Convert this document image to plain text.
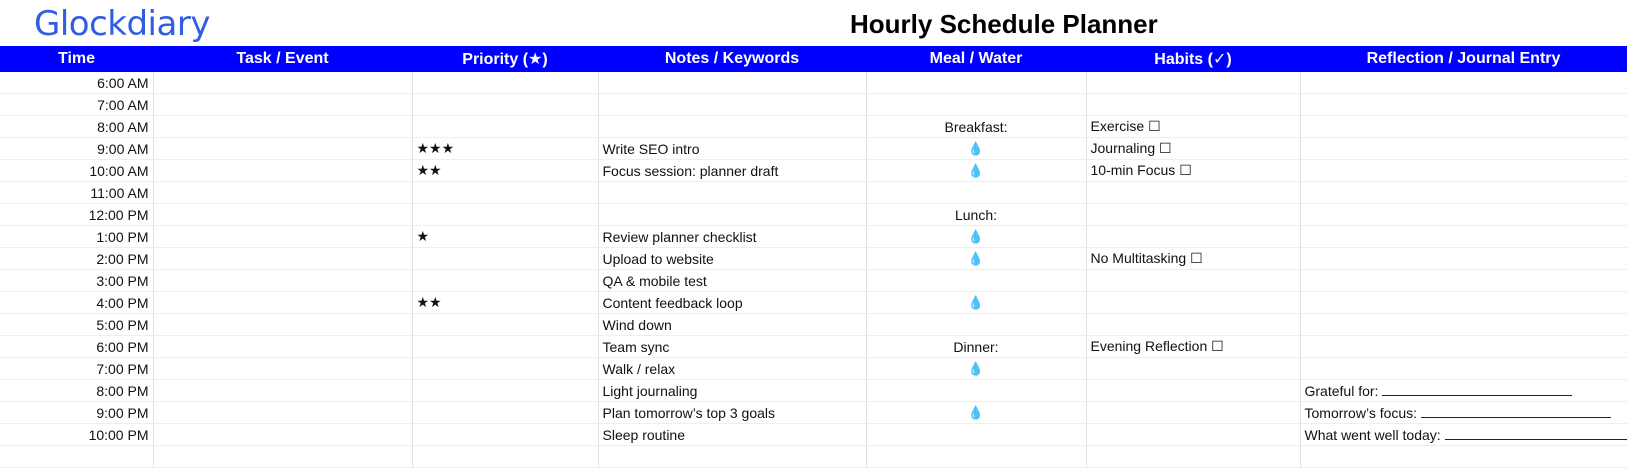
Glockdiary	Hourly Schedule Planner
Time	Task / Event	Priority (★)	Notes / Keywords	Meal / Water	Habits (✓)	Reflection / Journal Entry
6:00 AM						
7:00 AM						
8:00 AM				Breakfast:	Exercise ☐	
9:00 AM		★★★	Write SEO intro	💧	Journaling ☐	
10:00 AM		★★	Focus session: planner draft	💧	10-min Focus ☐	
11:00 AM						
12:00 PM				Lunch:		
1:00 PM		★	Review planner checklist	💧		
2:00 PM			Upload to website	💧	No Multitasking ☐	
3:00 PM			QA & mobile test			
4:00 PM		★★	Content feedback loop	💧		
5:00 PM			Wind down			
6:00 PM			Team sync	Dinner:	Evening Reflection ☐	
7:00 PM			Walk / relax	💧		
8:00 PM			Light journaling			Grateful for:
9:00 PM			Plan tomorrow’s top 3 goals	💧		Tomorrow’s focus:
10:00 PM			Sleep routine			What went well today:
